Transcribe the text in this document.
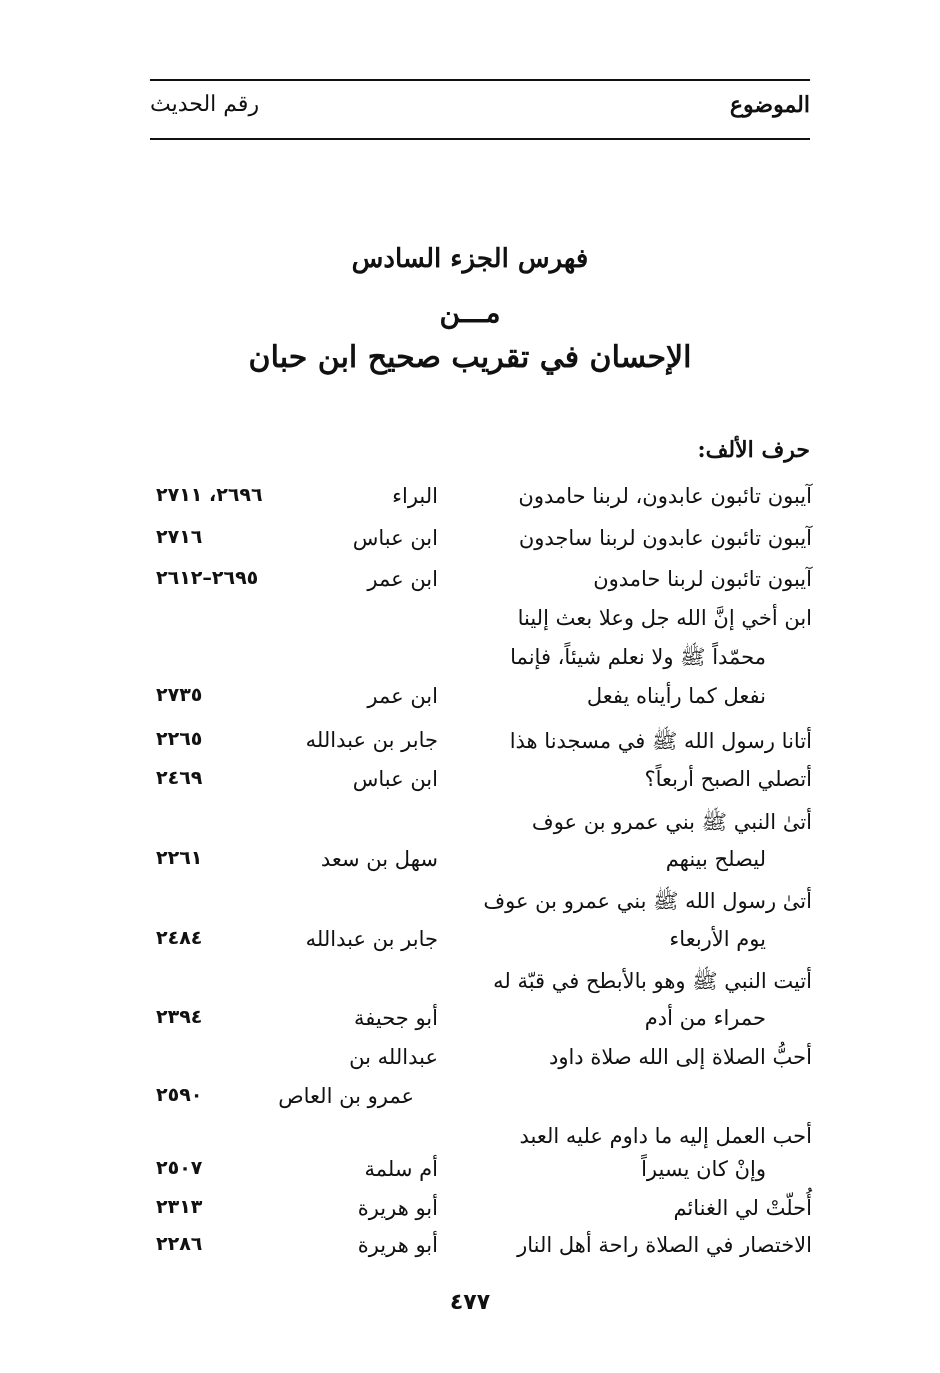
الموضوع
رقم الحديث
فهرس الجزء السادس
مـــن
الإحسان في تقريب صحيح ابن حبان
حرف الألف:
آيبون تائبون عابدون، لربنا حامدون
البراء
٢٦٩٦، ٢٧١١
آيبون تائبون عابدون لربنا ساجدون
ابن عباس
٢٧١٦
آيبون تائبون لربنا حامدون
ابن عمر
٢٦٩٥–٢٦١٢
ابن أخي إنَّ الله جل وعلا بعث إلينا
محمّداً ﷺ ولا نعلم شيئاً، فإنما
نفعل كما رأيناه يفعل
ابن عمر
٢٧٣٥
أتانا رسول الله ﷺ في مسجدنا هذا
جابر بن عبدالله
٢٢٦٥
أتصلي الصبح أربعاً؟
ابن عباس
٢٤٦٩
أتىٰ النبي ﷺ بني عمرو بن عوف
ليصلح بينهم
سهل بن سعد
٢٢٦١
أتىٰ رسول الله ﷺ بني عمرو بن عوف
يوم الأربعاء
جابر بن عبدالله
٢٤٨٤
أتيت النبي ﷺ وهو بالأبطح في قبّة له
حمراء من أدم
أبو جحيفة
٢٣٩٤
أحبُّ الصلاة إلى الله صلاة داود
عبدالله بن
عمرو بن العاص
٢٥٩٠
أحب العمل إليه ما داوم عليه العبد
وإنْ كان يسيراً
أم سلمة
٢٥٠٧
أُحلّتْ لي الغنائم
أبو هريرة
٢٣١٣
الاختصار في الصلاة راحة أهل النار
أبو هريرة
٢٢٨٦
٤٧٧
